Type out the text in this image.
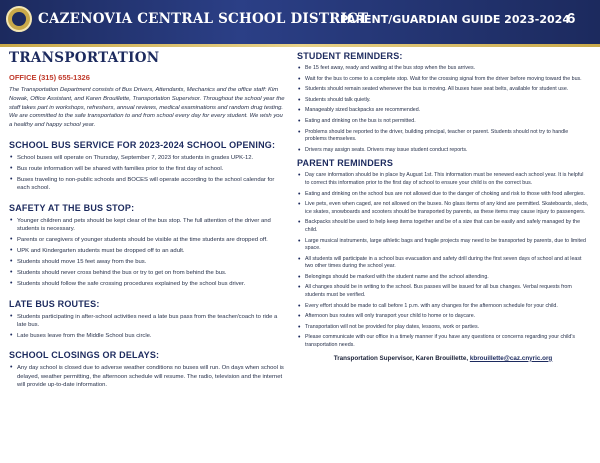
CAZENOVIA CENTRAL SCHOOL DISTRICT
PARENT/GUARDIAN GUIDE 2023-2024
6
TRANSPORTATION
OFFICE (315) 655-1326

The Transportation Department consists of Bus Drivers, Attendants, Mechanics and the office staff: Kim Nowak, Office Assistant, and Karen Brouillette, Transportation Supervisor. Throughout the school year the staff takes part in workshops, refreshers, annual reviews, medical examinations and random drug testing. We are committed to the safe transportation to and from school every day for every student. We wish you a healthy and happy school year.

SCHOOL BUS SERVICE FOR 2023-2024 SCHOOL OPENING:
• School buses will operate on Thursday, September 7, 2023 for students in grades UPK-12.
• Bus route information will be shared with families prior to the first day of school.
• Buses traveling to non-public schools and BOCES will operate according to the school calendar for each school.
SAFETY AT THE BUS STOP:
• Younger children and pets should be kept clear of the bus stop. The full attention of the driver and students is necessary.
• Parents or caregivers of younger students should be visible at the time students are dropped off.
• UPK and Kindergarten students must be dropped off to an adult.
• Students should move 15 feet away from the bus.
• Students should never cross behind the bus or try to get on from behind the bus.
• Students should follow the safe crossing procedures explained by the school bus driver.
LATE BUS ROUTES:
• Students participating in after-school activities need a late bus pass from the teacher/coach to ride a late bus.
• Late buses leave from the Middle School bus circle.
SCHOOL CLOSINGS OR DELAYS:
• Any day school is closed due to adverse weather conditions no buses will run. On days when school is delayed, weather permitting, the afternoon schedule will resume. The radio, television and the internet will provide up-to-date information.
STUDENT REMINDERS:
• Be 15 feet away, ready and waiting at the bus stop when the bus arrives.
• Wait for the bus to come to a complete stop. Wait for the crossing signal from the driver before moving toward the bus.
• Students should remain seated whenever the bus is moving. All buses have seat belts, available for student use.
• Students should talk quietly.
• Manageably sized backpacks are recommended.
• Eating and drinking on the bus is not permitted.
• Problems should be reported to the driver, building principal, teacher or parent. Students should not try to handle problems themselves.
• Drivers may assign seats. Drivers may issue student conduct reports.
PARENT REMINDERS
• Day care information should be in place by August 1st. This information must be renewed each school year. It is helpful to correct this information prior to the first day of school to ensure your child is on the correct bus.
• Eating and drinking on the school bus are not allowed due to the danger of choking and risk to those with food allergies.
• Live pets, even when caged, are not allowed on the buses. No glass items of any kind are permitted. Skateboards, sleds, ice skates, snowboards and scooters should be transported by parents, as these items may cause injury to passengers.
• Backpacks should be used to help keep items together and be of a size that can be easily and safely managed by the child.
• Large musical instruments, large athletic bags and fragile projects may need to be transported by parents, due to limited space.
• All students will participate in a school bus evacuation and safety drill during the first seven days of school and at least two other times during the school year.
• Belongings should be marked with the student name and the school attending.
• All changes should be in writing to the school. Bus passes will be issued for all bus changes. Verbal requests from students must be verified.
• Every effort should be made to call before 1 p.m. with any changes for the afternoon schedule for your child.
• Afternoon bus routes will only transport your child to home or to daycare.
• Transportation will not be provided for play dates, lessons, work or parties.
• Please communicate with our office in a timely manner if you have any questions or concerns regarding your child's transportation needs.
Transportation Supervisor, Karen Brouillette, kbrouillette@caz.cnyric.org
